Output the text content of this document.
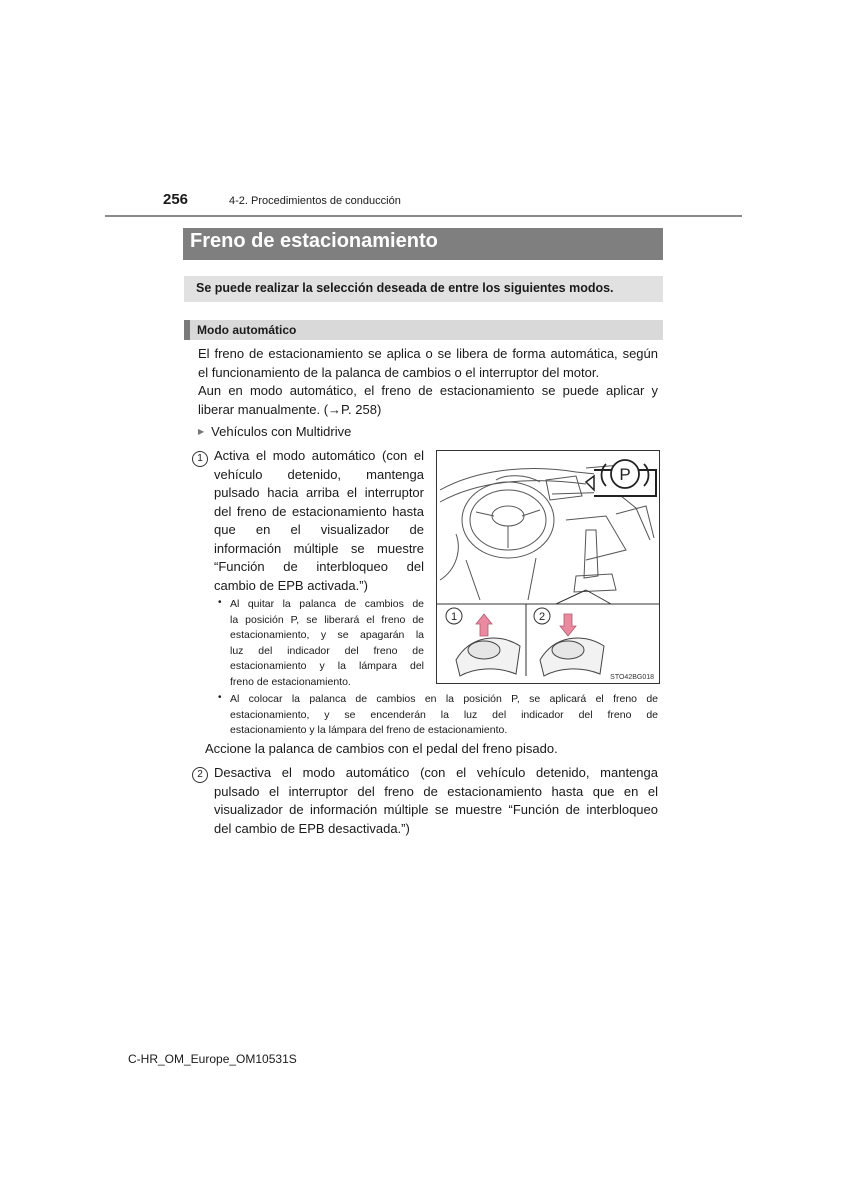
256	4-2. Procedimientos de conducción
Freno de estacionamiento
Se puede realizar la selección deseada de entre los siguientes modos.
Modo automático
El freno de estacionamiento se aplica o se libera de forma automática, según
el funcionamiento de la palanca de cambios o el interruptor del motor.
Aun en modo automático, el freno de estacionamiento se puede aplicar y
liberar manualmente. (→P. 258)
▶ Vehículos con Multidrive
1 Activa el modo automático (con el
vehículo detenido, mantenga
pulsado hacia arriba el interruptor
del freno de estacionamiento hasta
que en el visualizador de
información múltiple se muestre
“Función de interbloqueo del
cambio de EPB activada.”)
• Al quitar la palanca de cambios de
la posición P, se liberará el freno de
estacionamiento, y se apagarán la
luz del indicador del freno de
estacionamiento y la lámpara del
freno de estacionamiento.
• Al colocar la palanca de cambios en la posición P, se aplicará el freno de
estacionamiento, y se encenderán la luz del indicador del freno de
estacionamiento y la lámpara del freno de estacionamiento.
Accione la palanca de cambios con el pedal del freno pisado.
2 Desactiva el modo automático (con el vehículo detenido, mantenga
pulsado el interruptor del freno de estacionamiento hasta que en el
visualizador de información múltiple se muestre “Función de interbloqueo
del cambio de EPB desactivada.”)
P
1	2
STO42BG018
C-HR_OM_Europe_OM10531S
